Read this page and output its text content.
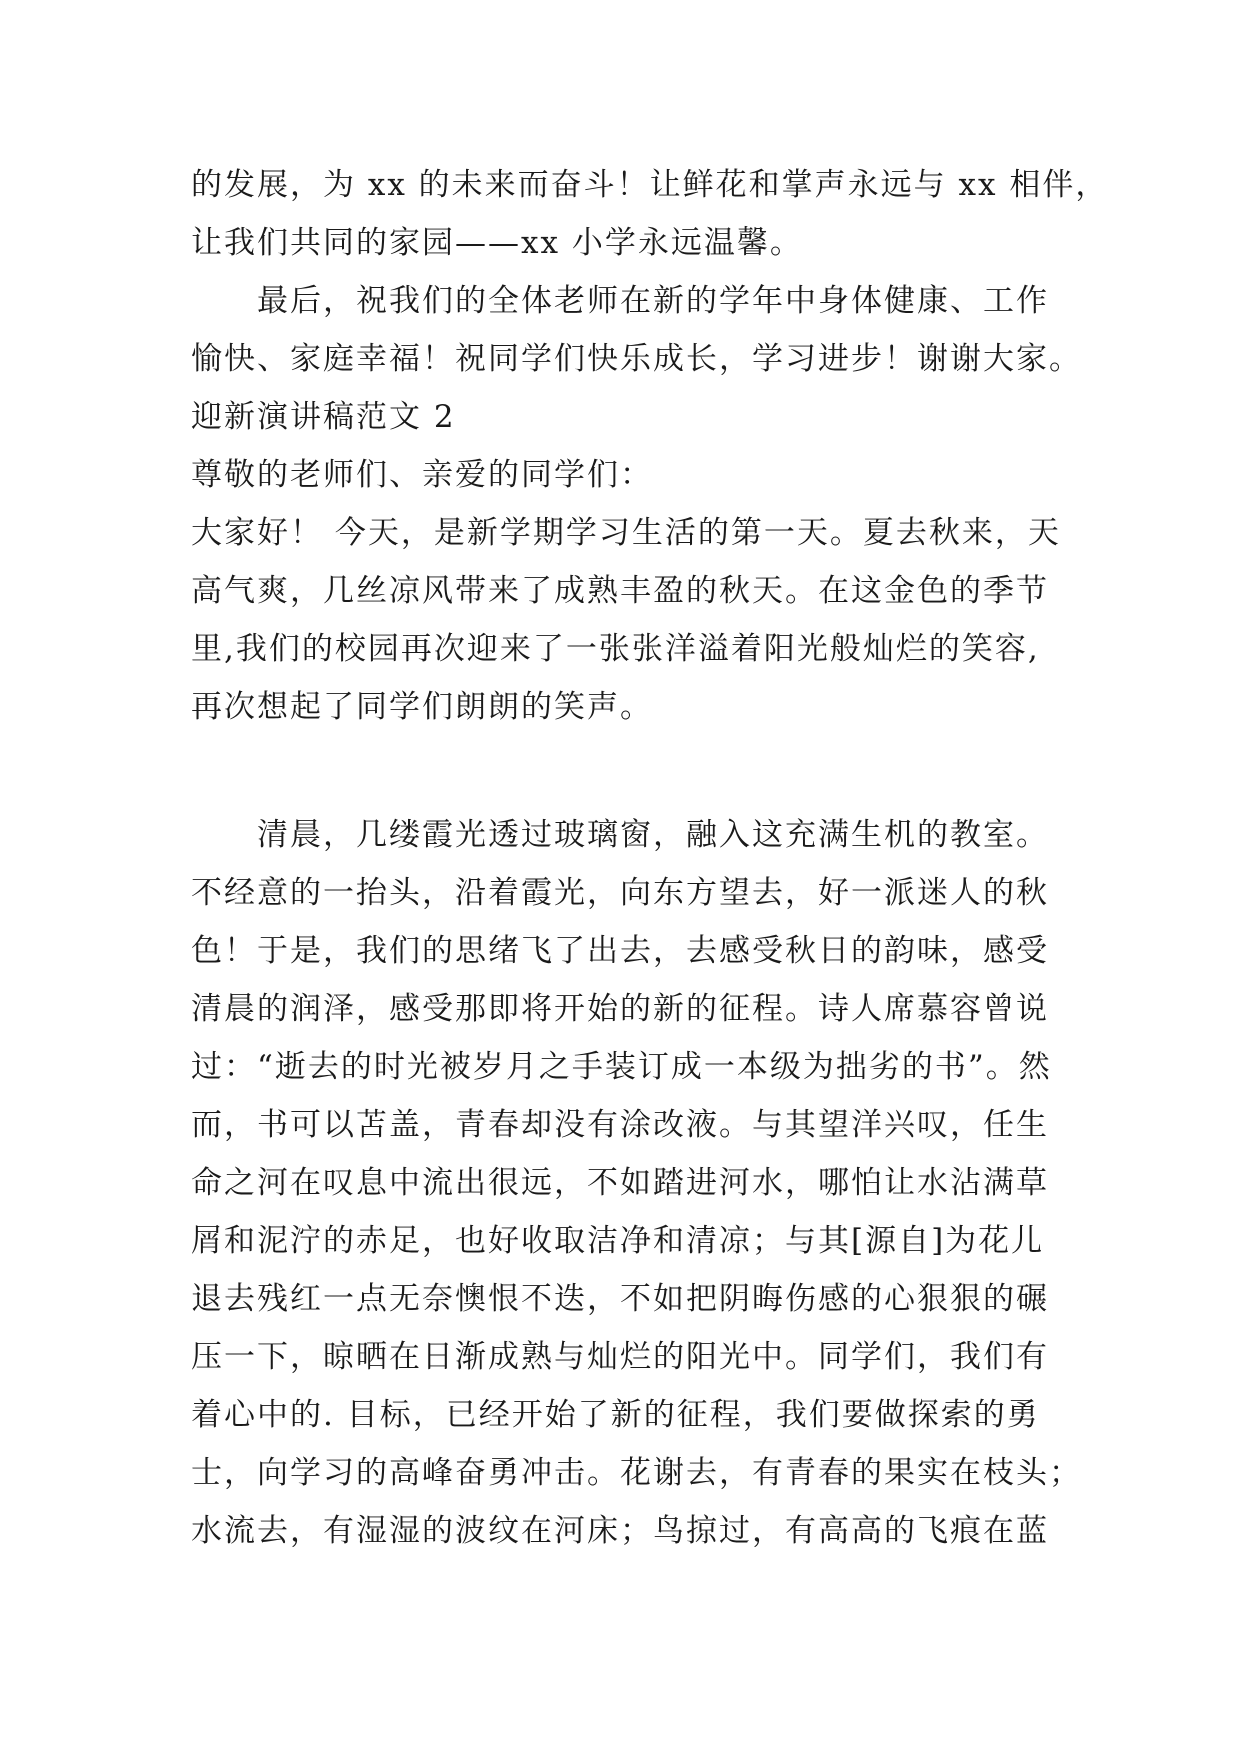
的发展，为 xx 的未来而奋斗！让鲜花和掌声永远与 xx 相伴，
让我们共同的家园——xx 小学永远温馨。
　　最后，祝我们的全体老师在新的学年中身体健康、工作
愉快、家庭幸福！祝同学们快乐成长，学习进步！谢谢大家。
迎新演讲稿范文 2
尊敬的老师们、亲爱的同学们：
大家好！ 今天，是新学期学习生活的第一天。夏去秋来，天
高气爽，几丝凉风带来了成熟丰盈的秋天。在这金色的季节
里,我们的校园再次迎来了一张张洋溢着阳光般灿烂的笑容,
再次想起了同学们朗朗的笑声。
　　清晨，几缕霞光透过玻璃窗，融入这充满生机的教室。
不经意的一抬头，沿着霞光，向东方望去，好一派迷人的秋
色！于是，我们的思绪飞了出去，去感受秋日的韵味，感受
清晨的润泽，感受那即将开始的新的征程。诗人席慕容曾说
过：“逝去的时光被岁月之手装订成一本级为拙劣的书”。然
而，书可以苫盖，青春却没有涂改液。与其望洋兴叹，任生
命之河在叹息中流出很远，不如踏进河水，哪怕让水沾满草
屑和泥泞的赤足，也好收取洁净和清凉；与其[源自]为花儿
退去残红一点无奈懊恨不迭，不如把阴晦伤感的心狠狠的碾
压一下，晾晒在日渐成熟与灿烂的阳光中。同学们，我们有
着心中的. 目标，已经开始了新的征程，我们要做探索的勇
士，向学习的高峰奋勇冲击。花谢去，有青春的果实在枝头；
水流去，有湿湿的波纹在河床；鸟掠过，有高高的飞痕在蓝
